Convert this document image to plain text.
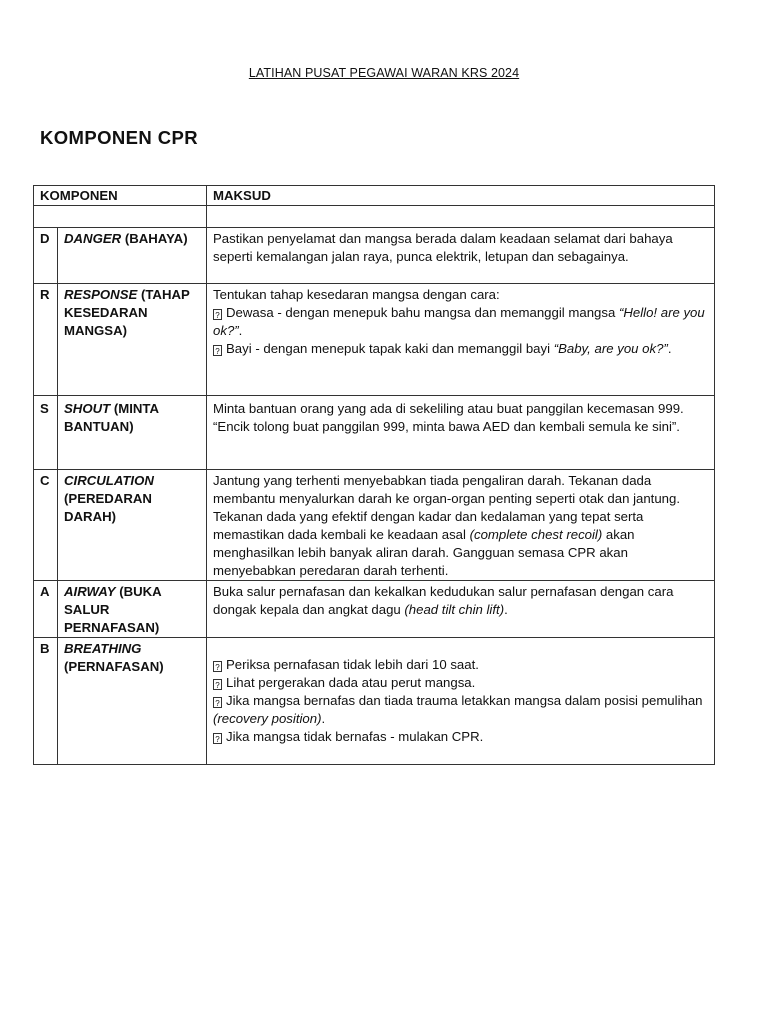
LATIHAN PUSAT PEGAWAI WARAN KRS 2024
KOMPONEN CPR
KOMPONEN		MAKSUD

D	DANGER (BAHAYA)	Pastikan penyelamat dan mangsa berada dalam keadaan selamat dari bahaya seperti kemalangan jalan raya, punca elektrik, letupan dan sebagainya.

R	RESPONSE (TAHAP KESEDARAN MANGSA)	Tentukan tahap kesedaran mangsa dengan cara:

? Dewasa - dengan menepuk bahu mangsa dan memanggil mangsa “Hello! are you ok?”.

? Bayi - dengan menepuk tapak kaki dan memanggil bayi “Baby, are you ok?”.

S	SHOUT (MINTA BANTUAN)	Minta bantuan orang yang ada di sekeliling atau buat panggilan kecemasan 999.

“Encik tolong buat panggilan 999, minta bawa AED dan kembali semula ke sini”.

C	CIRCULATION (PEREDARAN DARAH)	Jantung yang terhenti menyebabkan tiada pengaliran darah. Tekanan dada membantu menyalurkan darah ke organ-organ penting seperti otak dan jantung. Tekanan dada yang efektif dengan kadar dan kedalaman yang tepat serta memastikan dada kembali ke keadaan asal (complete chest recoil) akan menghasilkan lebih banyak aliran darah. Gangguan semasa CPR akan menyebabkan peredaran darah terhenti.

A	AIRWAY (BUKA SALUR PERNAFASAN)	Buka salur pernafasan dan kekalkan kedudukan salur pernafasan dengan cara dongak kepala dan angkat dagu (head tilt chin lift).

B	BREATHING (PERNAFASAN)	? Periksa pernafasan tidak lebih dari 10 saat.

? Lihat pergerakan dada atau perut mangsa.

? Jika mangsa bernafas dan tiada trauma letakkan mangsa dalam posisi pemulihan (recovery position).

? Jika mangsa tidak bernafas - mulakan CPR.
